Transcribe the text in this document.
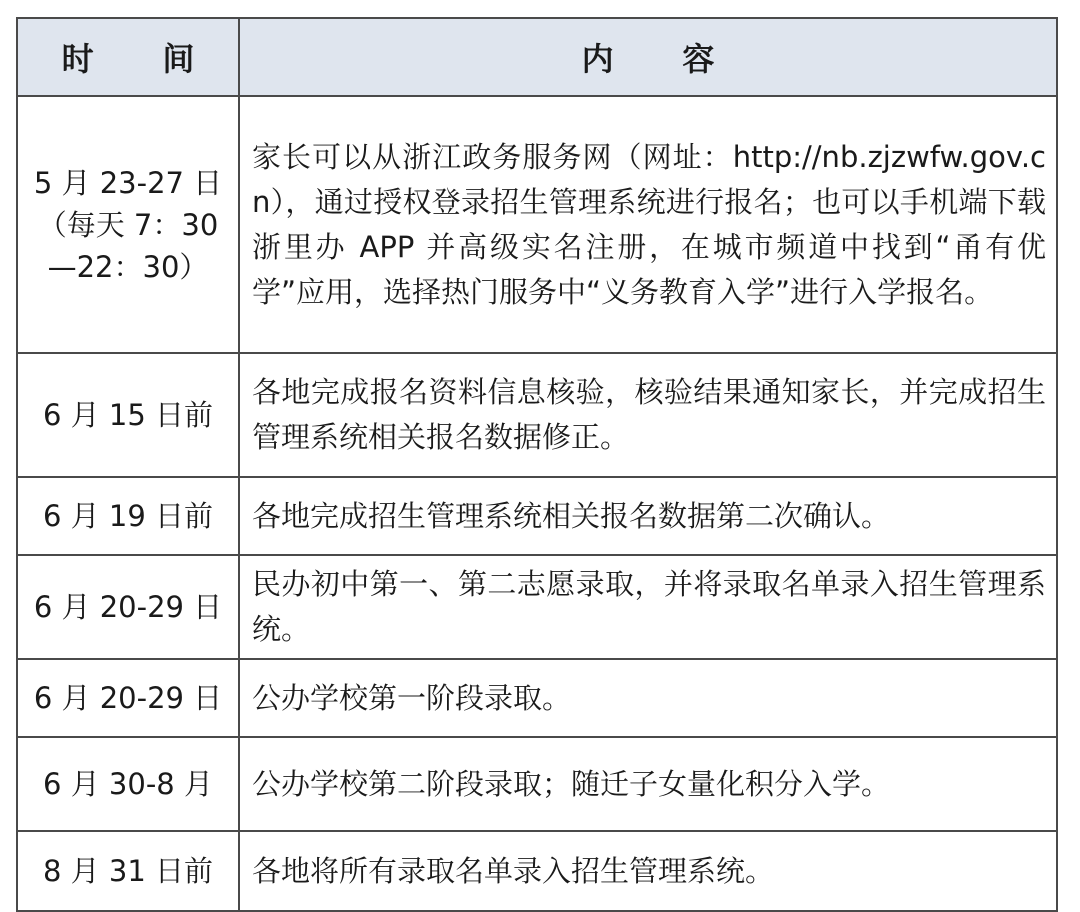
时 间	内 容

5 月 23-27 日
（每天 7：30
—22：30）	家长可以从浙江政务服务网（网址：http://nb.zjzwfw.gov.cn），通过授权登录招生管理系统进行报名；也可以手机端下载浙里办 APP 并高级实名注册，在城市频道中找到“甬有优学”应用，选择热门服务中“义务教育入学”进行入学报名。
6 月 15 日前	各地完成报名资料信息核验，核验结果通知家长，并完成招生管理系统相关报名数据修正。
6 月 19 日前	各地完成招生管理系统相关报名数据第二次确认。
6 月 20-29 日	民办初中第一、第二志愿录取，并将录取名单录入招生管理系统。
6 月 20-29 日	公办学校第一阶段录取。
6 月 30-8 月	公办学校第二阶段录取；随迁子女量化积分入学。
8 月 31 日前	各地将所有录取名单录入招生管理系统。
